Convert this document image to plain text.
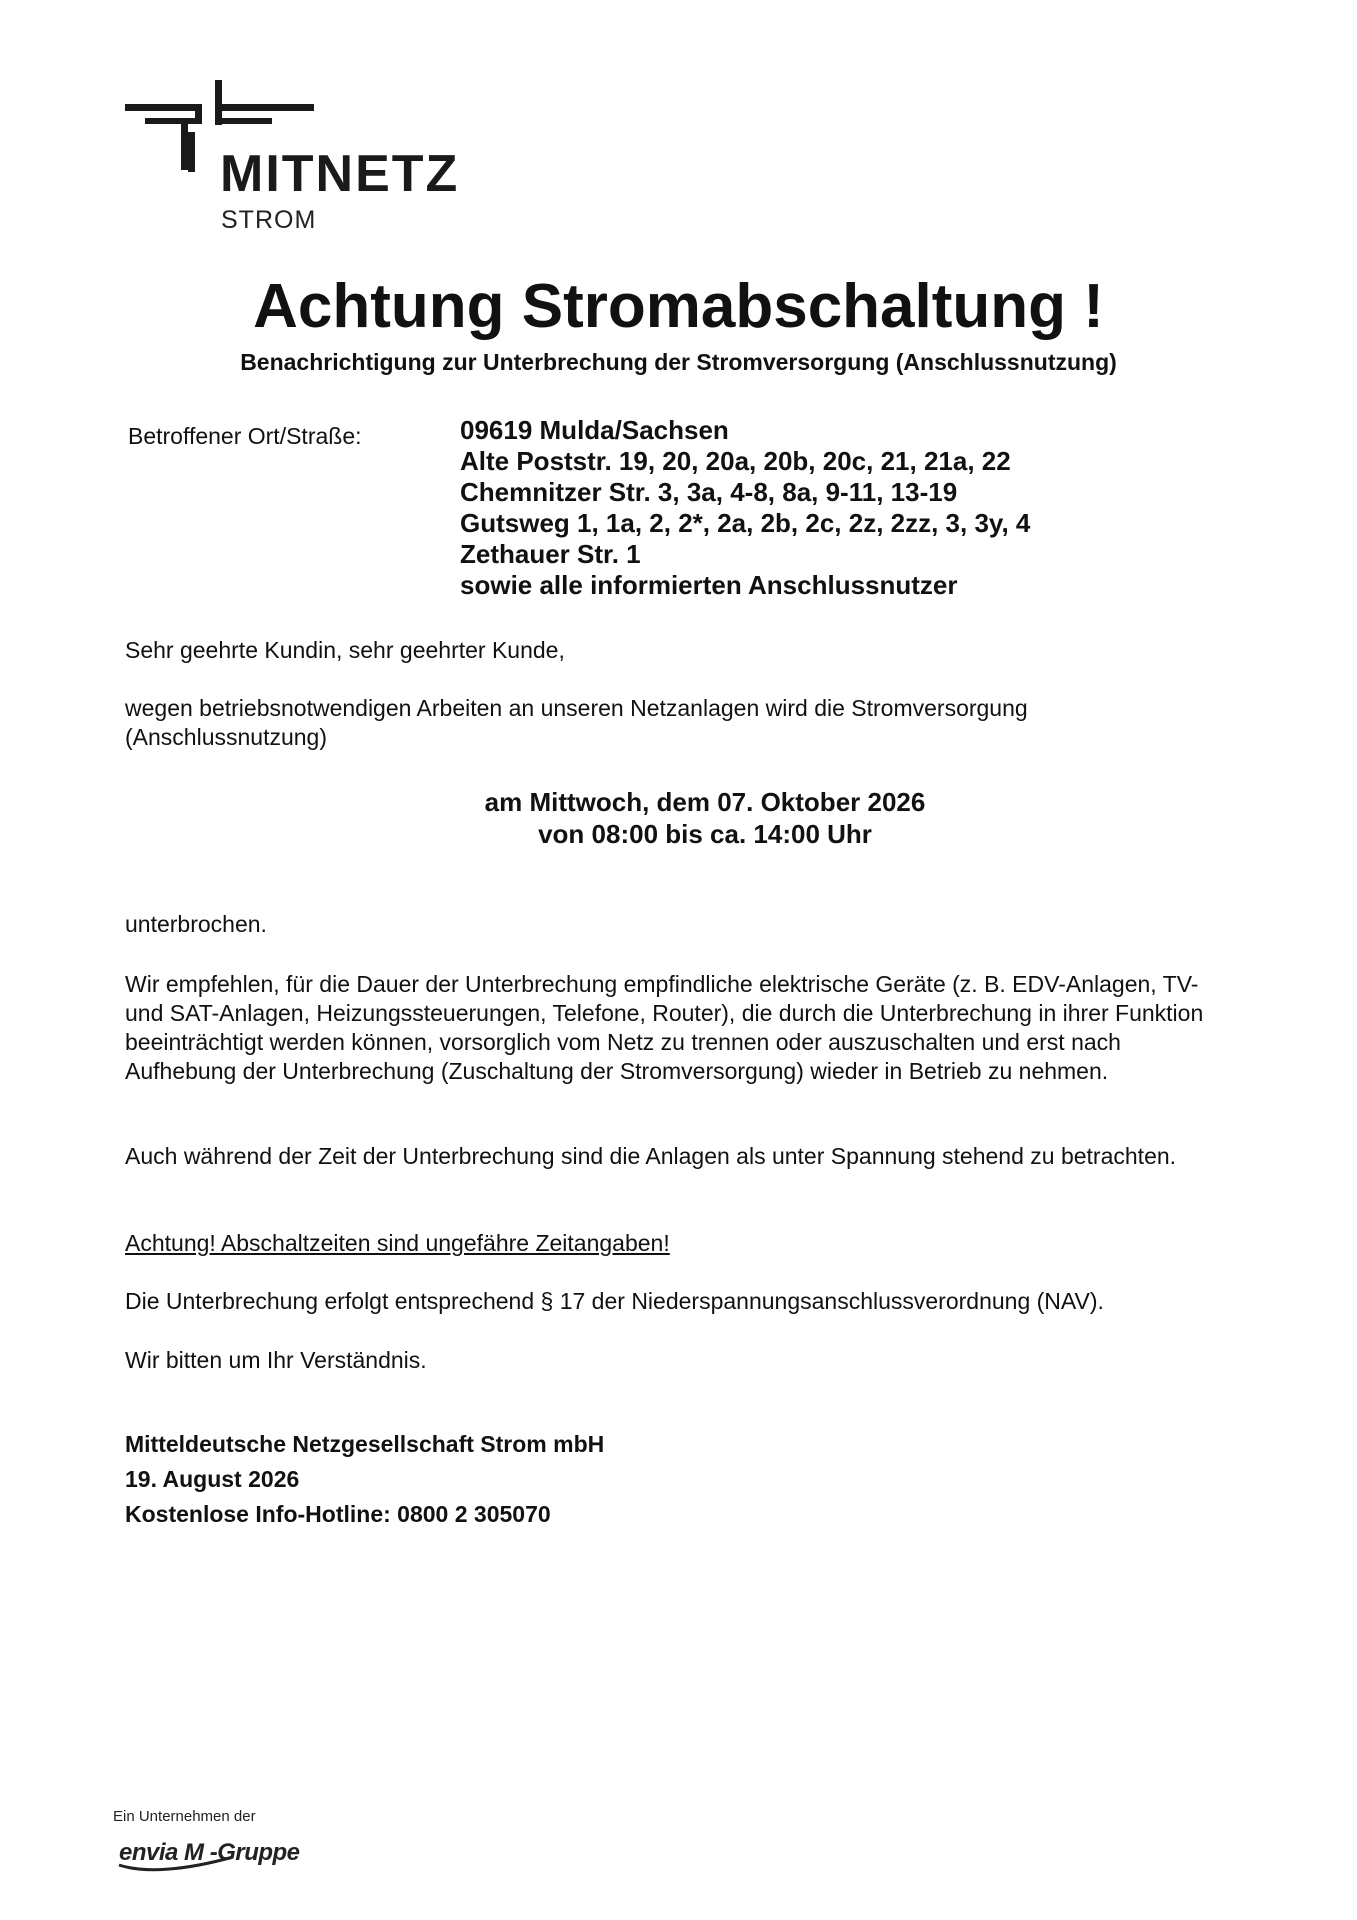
MITNETZ
STROM
Achtung Stromabschaltung !
Benachrichtigung zur Unterbrechung der Stromversorgung (Anschlussnutzung)
Betroffener Ort/Straße:	09619 Mulda/Sachsen
Alte Poststr. 19, 20, 20a, 20b, 20c, 21, 21a, 22
Chemnitzer Str. 3, 3a, 4-8, 8a, 9-11, 13-19
Gutsweg 1, 1a, 2, 2*, 2a, 2b, 2c, 2z, 2zz, 3, 3y, 4
Zethauer Str. 1
sowie alle informierten Anschlussnutzer

Sehr geehrte Kundin, sehr geehrter Kunde,

wegen betriebsnotwendigen Arbeiten an unseren Netzanlagen wird die Stromversorgung (Anschlussnutzung)

am Mittwoch, dem 07. Oktober 2026
von 08:00 bis ca. 14:00 Uhr

unterbrochen.

Wir empfehlen, für die Dauer der Unterbrechung empfindliche elektrische Geräte (z. B. EDV-Anlagen, TV- und SAT-Anlagen, Heizungssteuerungen, Telefone, Router), die durch die Unterbrechung in ihrer Funktion beeinträchtigt werden können, vorsorglich vom Netz zu trennen oder auszuschalten und erst nach Aufhebung der Unterbrechung (Zuschaltung der Stromversorgung) wieder in Betrieb zu nehmen.

Auch während der Zeit der Unterbrechung sind die Anlagen als unter Spannung stehend zu betrachten.

Achtung! Abschaltzeiten sind ungefähre Zeitangaben!

Die Unterbrechung erfolgt entsprechend § 17 der Niederspannungsanschlussverordnung (NAV).

Wir bitten um Ihr Verständnis.

Mitteldeutsche Netzgesellschaft Strom mbH

19. August 2026

Kostenlose Info-Hotline: 0800 2 305070

Ein Unternehmen der
envia M -Gruppe
